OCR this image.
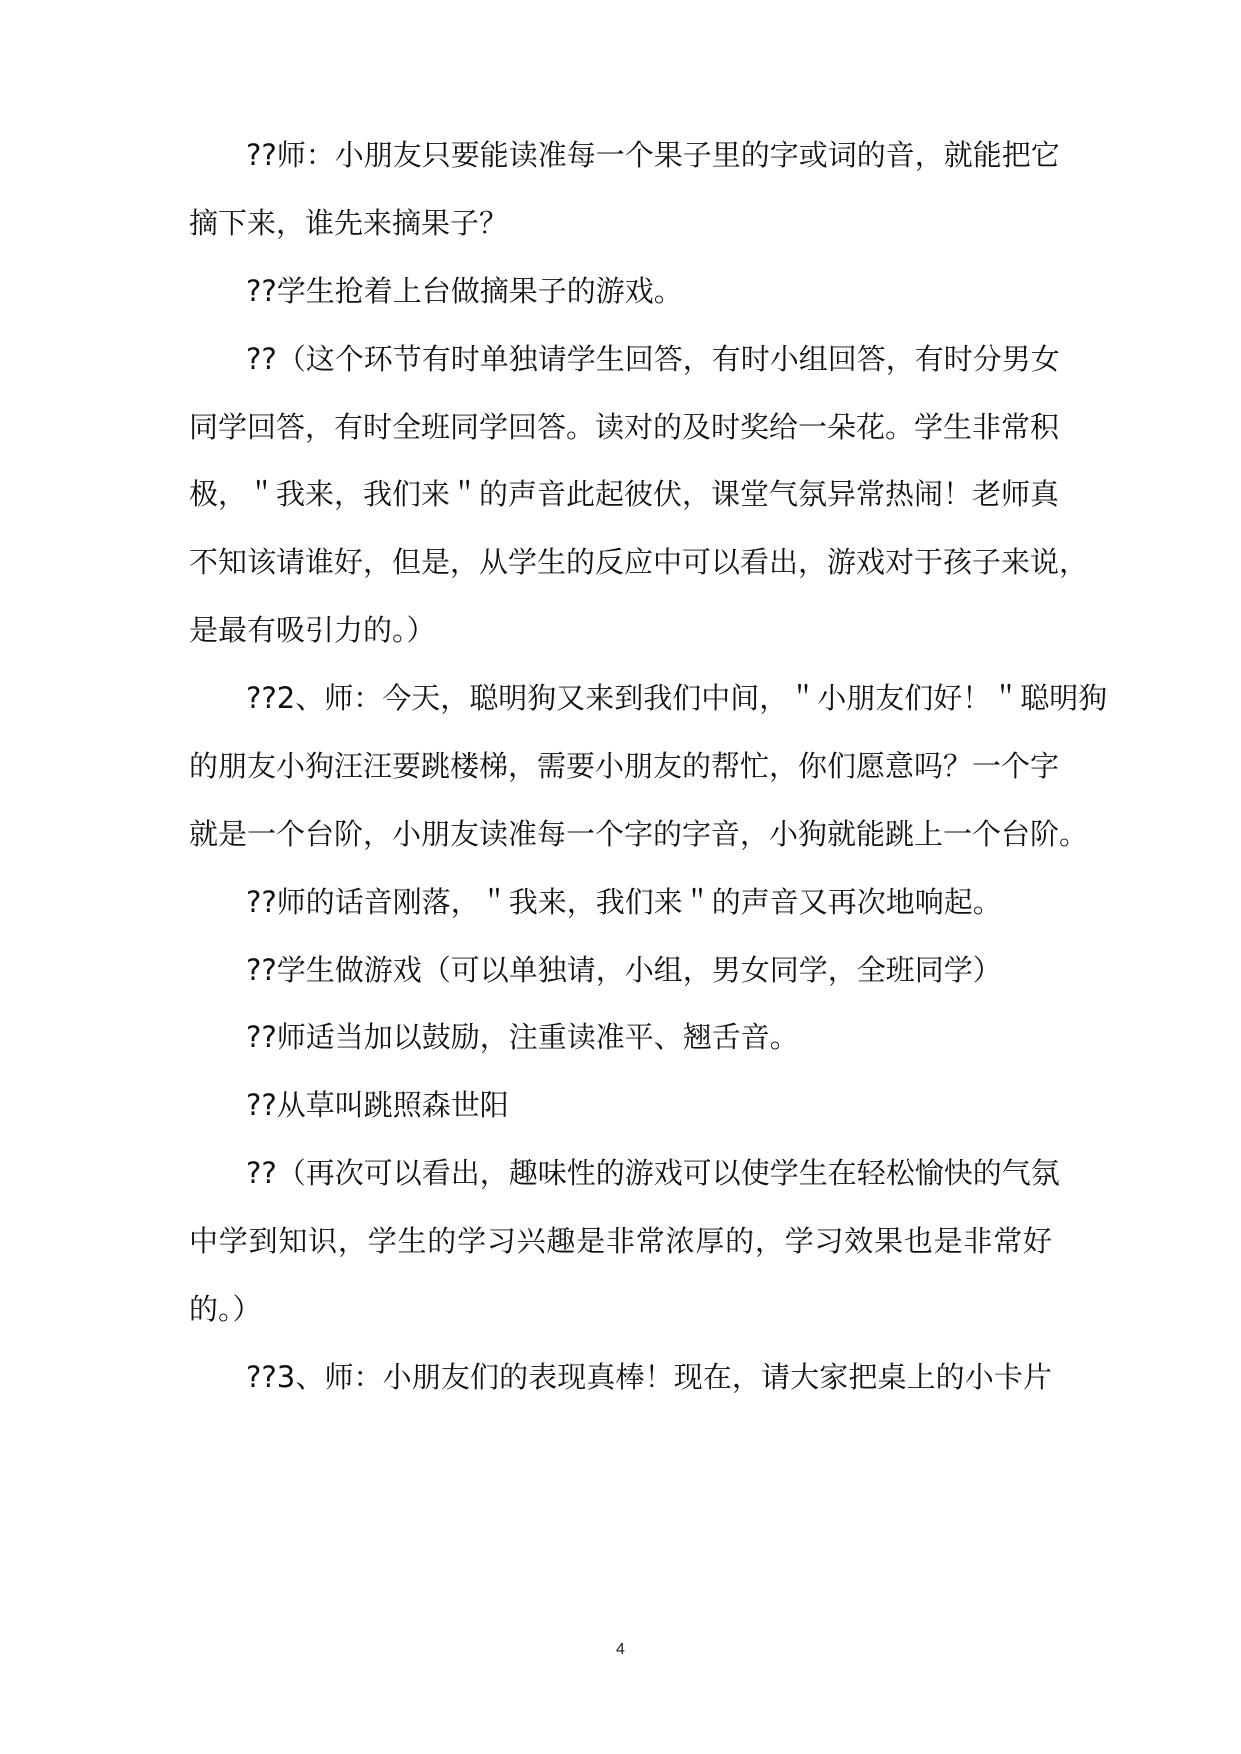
??师：小朋友只要能读准每一个果子里的字或词的音，就能把它
摘下来，谁先来摘果子？
??学生抢着上台做摘果子的游戏。
??（这个环节有时单独请学生回答，有时小组回答，有时分男女
同学回答，有时全班同学回答。读对的及时奖给一朵花。学生非常积
极，＂我来，我们来＂的声音此起彼伏，课堂气氛异常热闹！老师真
不知该请谁好，但是，从学生的反应中可以看出，游戏对于孩子来说，
是最有吸引力的。）
??2、师：今天，聪明狗又来到我们中间，＂小朋友们好！＂聪明狗
的朋友小狗汪汪要跳楼梯，需要小朋友的帮忙，你们愿意吗？一个字
就是一个台阶，小朋友读准每一个字的字音，小狗就能跳上一个台阶。
??师的话音刚落，＂我来，我们来＂的声音又再次地响起。
??学生做游戏（可以单独请，小组，男女同学，全班同学）
??师适当加以鼓励，注重读准平、翘舌音。
??从草叫跳照森世阳
??（再次可以看出，趣味性的游戏可以使学生在轻松愉快的气氛
中学到知识，学生的学习兴趣是非常浓厚的，学习效果也是非常好
的。）
??3、师：小朋友们的表现真棒！现在，请大家把桌上的小卡片
4
